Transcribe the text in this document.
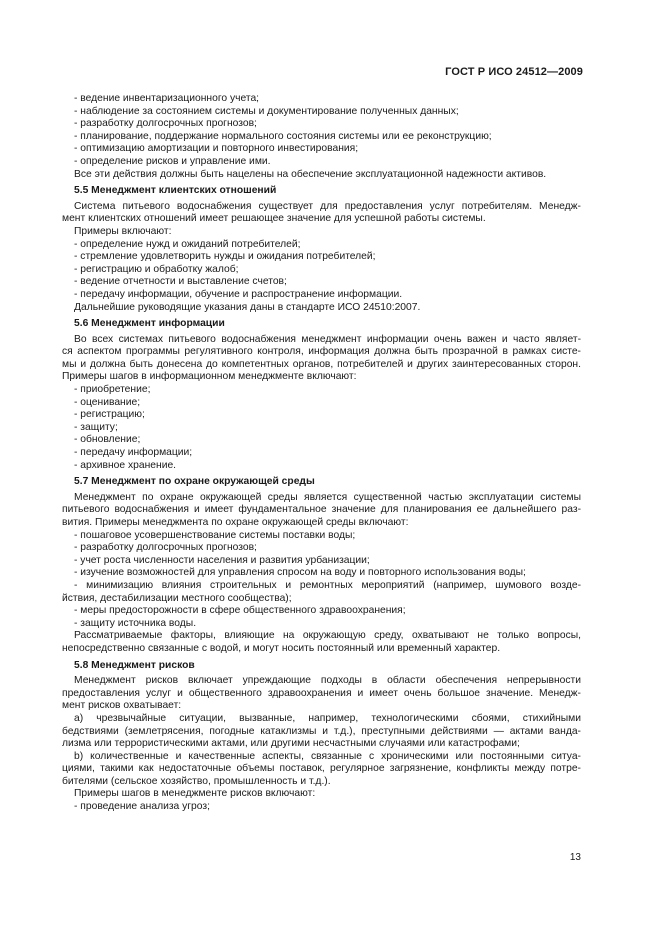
ГОСТ Р ИСО 24512—2009
- ведение инвентаризационного учета;
- наблюдение за состоянием системы и документирование полученных данных;
- разработку долгосрочных прогнозов;
- планирование, поддержание нормального состояния системы или ее реконструкцию;
- оптимизацию амортизации и повторного инвестирования;
- определение рисков и управление ими.
Все эти действия должны быть нацелены на обеспечение эксплуатационной надежности активов.
5.5 Менеджмент клиентских отношений
Система питьевого водоснабжения существует для предоставления услуг потребителям. Менедж-
мент клиентских отношений имеет решающее значение для успешной работы системы.
Примеры включают:
- определение нужд и ожиданий потребителей;
- стремление удовлетворить нужды и ожидания потребителей;
- регистрацию и обработку жалоб;
- ведение отчетности и выставление счетов;
- передачу информации, обучение и распространение информации.
Дальнейшие руководящие указания даны в стандарте ИСО 24510:2007.
5.6 Менеджмент информации
Во всех системах питьевого водоснабжения менеджмент информации очень важен и часто являет-
ся аспектом программы регулятивного контроля, информация должна быть прозрачной в рамках систе-
мы и должна быть донесена до компетентных органов, потребителей и других заинтересованных сторон.
Примеры шагов в информационном менеджменте включают:
- приобретение;
- оценивание;
- регистрацию;
- защиту;
- обновление;
- передачу информации;
- архивное хранение.
5.7 Менеджмент по охране окружающей среды
Менеджмент по охране окружающей среды является существенной частью эксплуатации системы
питьевого водоснабжения и имеет фундаментальное значение для планирования ее дальнейшего раз-
вития. Примеры менеджмента по охране окружающей среды включают:
- пошаговое усовершенствование системы поставки воды;
- разработку долгосрочных прогнозов;
- учет роста численности населения и развития урбанизации;
- изучение возможностей для управления спросом на воду и повторного использования воды;
- минимизацию влияния строительных и ремонтных мероприятий (например, шумового возде-
йствия, дестабилизации местного сообщества);
- меры предосторожности в сфере общественного здравоохранения;
- защиту источника воды.
Рассматриваемые факторы, влияющие на окружающую среду, охватывают не только вопросы,
непосредственно связанные с водой, и могут носить постоянный или временный характер.
5.8 Менеджмент рисков
Менеджмент рисков включает упреждающие подходы в области обеспечения непрерывности
предоставления услуг и общественного здравоохранения и имеет очень большое значение. Менедж-
мент рисков охватывает:
а) чрезвычайные ситуации, вызванные, например, технологическими сбоями, стихийными
бедствиями (землетрясения, погодные катаклизмы и т.д.), преступными действиями — актами ванда-
лизма или террористическими актами, или другими несчастными случаями или катастрофами;
b) количественные и качественные аспекты, связанные с хроническими или постоянными ситуа-
циями, такими как недостаточные объемы поставок, регулярное загрязнение, конфликты между потре-
бителями (сельское хозяйство, промышленность и т.д.).
Примеры шагов в менеджменте рисков включают:
- проведение анализа угроз;
13
